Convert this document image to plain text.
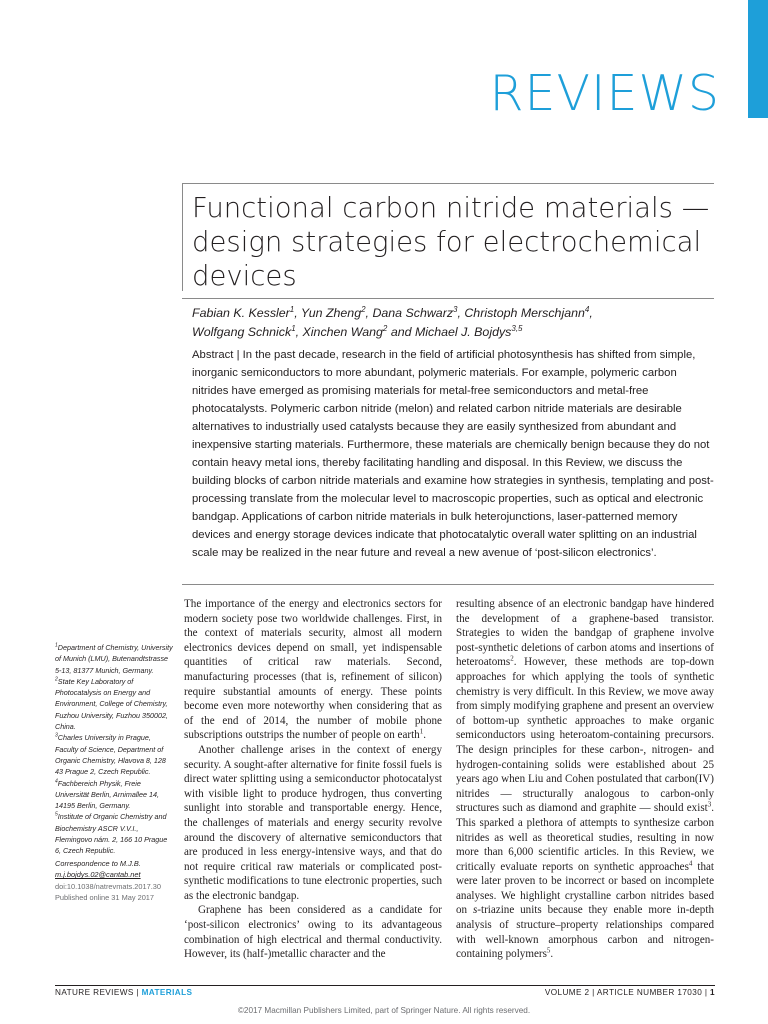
REVIEWS
Functional carbon nitride materials — design strategies for electrochemical devices
Fabian K. Kessler$^1$, Yun Zheng$^2$, Dana Schwarz$^3$, Christoph Merschjann$^4$,
Wolfgang Schnick$^1$, Xinchen Wang$^2$ and Michael J. Bojdys$^{3,5}$
Abstract | In the past decade, research in the field of artificial photosynthesis has shifted from simple, inorganic semiconductors to more abundant, polymeric materials. For example, polymeric carbon nitrides have emerged as promising materials for metal-free semiconductors and metal-free photocatalysts. Polymeric carbon nitride (melon) and related carbon nitride materials are desirable alternatives to industrially used catalysts because they are easily synthesized from abundant and inexpensive starting materials. Furthermore, these materials are chemically benign because they do not contain heavy metal ions, thereby facilitating handling and disposal. In this Review, we discuss the building blocks of carbon nitride materials and examine how strategies in synthesis, templating and post-processing translate from the molecular level to macroscopic properties, such as optical and electronic bandgap. Applications of carbon nitride materials in bulk heterojunctions, laser-patterned memory devices and energy storage devices indicate that photocatalytic overall water splitting on an industrial scale may be realized in the near future and reveal a new avenue of ‘post-silicon electronics’.

$^1$Department of Chemistry, University of Munich (LMU), Butenandtstrasse 5-13, 81377 Munich, Germany.

$^2$State Key Laboratory of Photocatalysis on Energy and Environment, College of Chemistry, Fuzhou University, Fuzhou 350002, China.

$^3$Charles University in Prague, Faculty of Science, Department of Organic Chemistry, Hlavova 8, 128 43 Prague 2, Czech Republic.

$^4$Fachbereich Physik, Freie Universität Berlin, Arnimallee 14, 14195 Berlin, Germany.

$^5$Institute of Organic Chemistry and Biochemistry ASCR V.V.I., Flemingovo nám. 2, 166 10 Prague 6, Czech Republic.

Correspondence to M.J.B.

m.j.bojdys.02@cantab.net

doi:10.1038/natrevmats.2017.30

Published online 31 May 2017

The importance of the energy and electronics sectors for modern society pose two worldwide challenges. First, in the context of materials security, almost all modern electronics devices depend on small, yet indispensable quantities of critical raw materials. Second, manufacturing processes (that is, refinement of silicon) require substantial amounts of energy. These points become even more noteworthy when considering that as of the end of 2014, the number of mobile phone subscriptions outstrips the number of people on earth$^1$.

Another challenge arises in the context of energy security. A sought-after alternative for finite fossil fuels is direct water splitting using a semiconductor photocatalyst with visible light to produce hydrogen, thus converting sunlight into storable and transportable energy. Hence, the challenges of materials and energy security revolve around the discovery of alternative semiconductors that are produced in less energy-intensive ways, and that do not require critical raw materials or complicated post-synthetic modifications to tune electronic properties, such as the electronic bandgap.

Graphene has been considered as a candidate for ‘post-silicon electronics’ owing to its advantageous combination of high electrical and thermal conductivity. However, its (half-)metallic character and the

resulting absence of an electronic bandgap have hindered the development of a graphene-based transistor. Strategies to widen the bandgap of graphene involve post-synthetic deletions of carbon atoms and insertions of heteroatoms$^2$. However, these methods are top-down approaches for which applying the tools of synthetic chemistry is very difficult. In this Review, we move away from simply modifying graphene and present an overview of bottom-up synthetic approaches to make organic semiconductors using heteroatom-containing precursors. The design principles for these carbon-, nitrogen- and hydrogen-containing solids were established about 25 years ago when Liu and Cohen postulated that carbon(IV) nitrides — structurally analogous to carbon-only structures such as diamond and graphite — should exist$^3$. This sparked a plethora of attempts to synthesize carbon nitrides as well as theoretical studies, resulting in now more than 6,000 scientific articles. In this Review, we critically evaluate reports on synthetic approaches$^4$ that were later proven to be incorrect or based on incomplete analyses. We highlight crystalline carbon nitrides based on s-triazine units because they enable more in-depth analysis of structure–property relationships compared with well-known amorphous carbon and nitrogen-containing polymers$^5$.

NATURE REVIEWS | MATERIALS	VOLUME 2 | ARTICLE NUMBER 17030 | 1
©2017 Macmillan Publishers Limited, part of Springer Nature. All rights reserved.
